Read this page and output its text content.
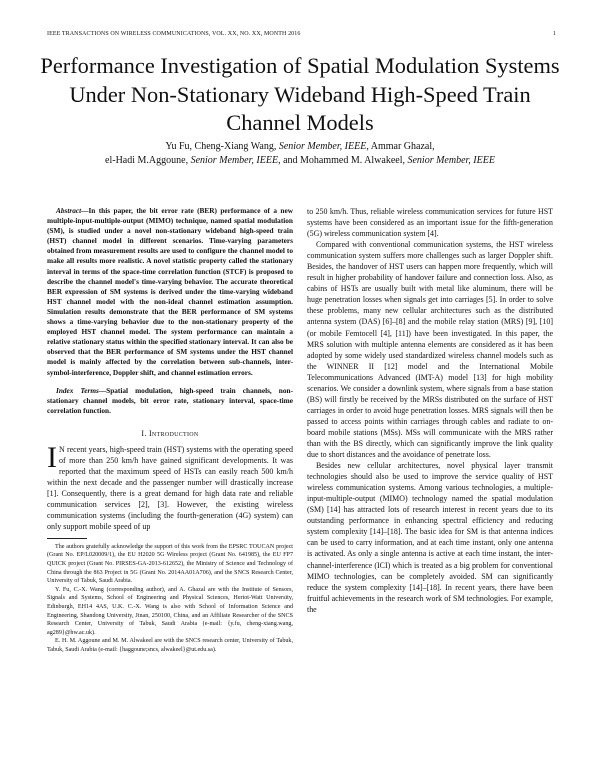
IEEE TRANSACTIONS ON WIRELESS COMMUNICATIONS, VOL. XX, NO. XX, MONTH 2016	1
Performance Investigation of Spatial Modulation Systems Under Non-Stationary Wideband High-Speed Train Channel Models
Yu Fu, Cheng-Xiang Wang, Senior Member, IEEE, Ammar Ghazal,
el-Hadi M.Aggoune, Senior Member, IEEE, and Mohammed M. Alwakeel, Senior Member, IEEE

Abstract—In this paper, the bit error rate (BER) performance of a new multiple-input-multiple-output (MIMO) technique, named spatial modulation (SM), is studied under a novel non-stationary wideband high-speed train (HST) channel model in different scenarios. Time-varying parameters obtained from measurement results are used to configure the channel model to make all results more realistic. A novel statistic property called the stationary interval in terms of the space-time correlation function (STCF) is proposed to describe the channel model's time-varying behavior. The accurate theoretical BER expression of SM systems is derived under the time-varying wideband HST channel model with the non-ideal channel estimation assumption. Simulation results demonstrate that the BER performance of SM systems shows a time-varying behavior due to the non-stationary property of the employed HST channel model. The system performance can maintain a relative stationary status within the specified stationary interval. It can also be observed that the BER performance of SM systems under the HST channel model is mainly affected by the correlation between sub-channels, inter-symbol-interference, Doppler shift, and channel estimation errors.

Index Terms—Spatial modulation, high-speed train channels, non-stationary channel models, bit error rate, stationary interval, space-time correlation function.

I. Introduction

I N recent years, high-speed train (HST) systems with the operating speed of more than 250 km/h have gained significant developments. It was reported that the maximum speed of HSTs can easily reach 500 km/h within the next decade and the passenger number will drastically increase [1]. Consequently, there is a great demand for high data rate and reliable communication services [2], [3]. However, the existing wireless communication systems (including the fourth-generation (4G) system) can only support mobile speed of up

The authors gratefully acknowledge the support of this work from the EPSRC TOUCAN project (Grant No. EP/L020009/1), the EU H2020 5G Wireless project (Grant No. 641985), the EU FP7 QUICK project (Grant No. PIRSES-GA-2013-612652), the Ministry of Science and Technology of China through the 863 Project in 5G (Grant No. 2014AA01A706), and the SNCS Research Center, University of Tabuk, Saudi Arabia.

Y. Fu, C.-X. Wang (corresponding author), and A. Ghazal are with the Institute of Sensors, Signals and Systems, School of Engineering and Physical Sciences, Heriot-Watt University, Edinburgh, EH14 4AS, U.K. C.-X. Wang is also with School of Information Science and Engineering, Shandong University, Jinan, 250100, China, and an Affiliate Researcher of the SNCS Research Center, University of Tabuk, Saudi Arabia (e-mail: {y.fu, cheng-xiang.wang, ag289}@hw.ac.uk).

E. H. M. Aggoune and M. M. Alwakeel are with the SNCS research center, University of Tabuk, Tabuk, Saudi Arabia (e-mail: {haggoune;sncs, alwakeel}@ut.edu.sa).

to 250 km/h. Thus, reliable wireless communication services for future HST systems have been considered as an important issue for the fifth-generation (5G) wireless communication system [4].

Compared with conventional communication systems, the HST wireless communication system suffers more challenges such as larger Doppler shift. Besides, the handover of HST users can happen more frequently, which will result in higher probability of handover failure and connection loss. Also, as cabins of HSTs are usually built with metal like aluminum, there will be huge penetration losses when signals get into carriages [5]. In order to solve these problems, many new cellular architectures such as the distributed antenna system (DAS) [6]–[8] and the mobile relay station (MRS) [9], [10] (or mobile Femtocell [4], [11]) have been investigated. In this paper, the MRS solution with multiple antenna elements are considered as it has been adopted by some widely used standardized wireless channel models such as the WINNER II [12] model and the International Mobile Telecommunications Advanced (IMT-A) model [13] for high mobility scenarios. We consider a downlink system, where signals from a base station (BS) will firstly be received by the MRSs distributed on the surface of HST carriages in order to avoid huge penetration losses. MRS signals will then be passed to access points within carriages through cables and radiate to on-board mobile stations (MSs). MSs will communicate with the MRS rather than with the BS directly, which can significantly improve the link quality due to short distances and the avoidance of penetrate loss.

Besides new cellular architectures, novel physical layer transmit technologies should also be used to improve the service quality of HST wireless communication systems. Among various technologies, a multiple-input-multiple-output (MIMO) technology named the spatial modulation (SM) [14] has attracted lots of research interest in recent years due to its outstanding performance in enhancing spectral efficiency and reducing system complexity [14]–[18]. The basic idea for SM is that antenna indices can be used to carry information, and at each time instant, only one antenna is activated. As only a single antenna is active at each time instant, the inter-channel-interference (ICI) which is treated as a big problem for conventional MIMO technologies, can be completely avoided. SM can significantly reduce the system complexity [14]–[18]. In recent years, there have been fruitful achievements in the research work of SM technologies. For example, the
